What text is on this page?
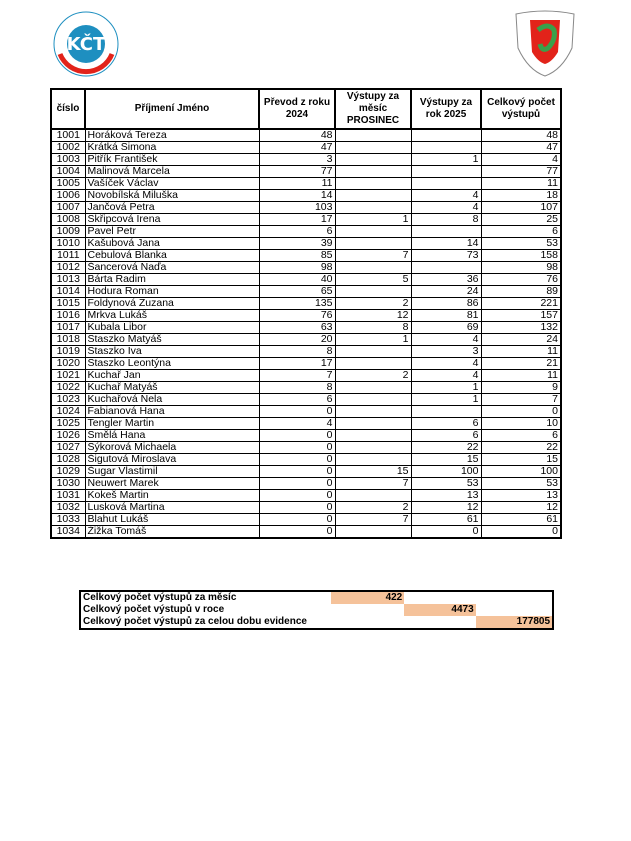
KČT
číslo	Příjmení Jméno	Převod z roku 2024	Výstupy za měsíc PROSINEC	Výstupy za rok 2025	Celkový počet výstupů
1001	Horáková Tereza	48			48
1002	Krátká Simona	47			47
1003	Pitřík František	3		1	4
1004	Malinová Marcela	77			77
1005	Vašíček Václav	11			11
1006	Novobílská Miluška	14		4	18
1007	Jančová Petra	103		4	107
1008	Skřipcová Irena	17	1	8	25
1009	Pavel Petr	6			6
1010	Kašubová Jana	39		14	53
1011	Cebulová Blanka	85	7	73	158
1012	Šancerová Naďa	98			98
1013	Bárta Radim	40	5	36	76
1014	Hodura Roman	65		24	89
1015	Foldynová Zuzana	135	2	86	221
1016	Mrkva Lukáš	76	12	81	157
1017	Kubala Libor	63	8	69	132
1018	Staszko Matyáš	20	1	4	24
1019	Staszko Iva	8		3	11
1020	Staszko Leontýna	17		4	21
1021	Kuchař Jan	7	2	4	11
1022	Kuchař Matyáš	8		1	9
1023	Kuchařová Nela	6		1	7
1024	Fabianová Hana	0			0
1025	Tengler Martin	4		6	10
1026	Smělá Hana	0		6	6
1027	Sýkorová Michaela	0		22	22
1028	Šigutová Miroslava	0		15	15
1029	Šugar Vlastimil	0	15	100	100
1030	Neuwert Marek	0	7	53	53
1031	Kokeš Martin	0		13	13
1032	Lusková Martina	0	2	12	12
1033	Blahut Lukáš	0	7	61	61
1034	Žižka Tomáš	0		0	0
Celkový počet výstupů za měsíc	422
Celkový počet výstupů v roce	4473
Celkový počet výstupů za celou dobu evidence	177805
